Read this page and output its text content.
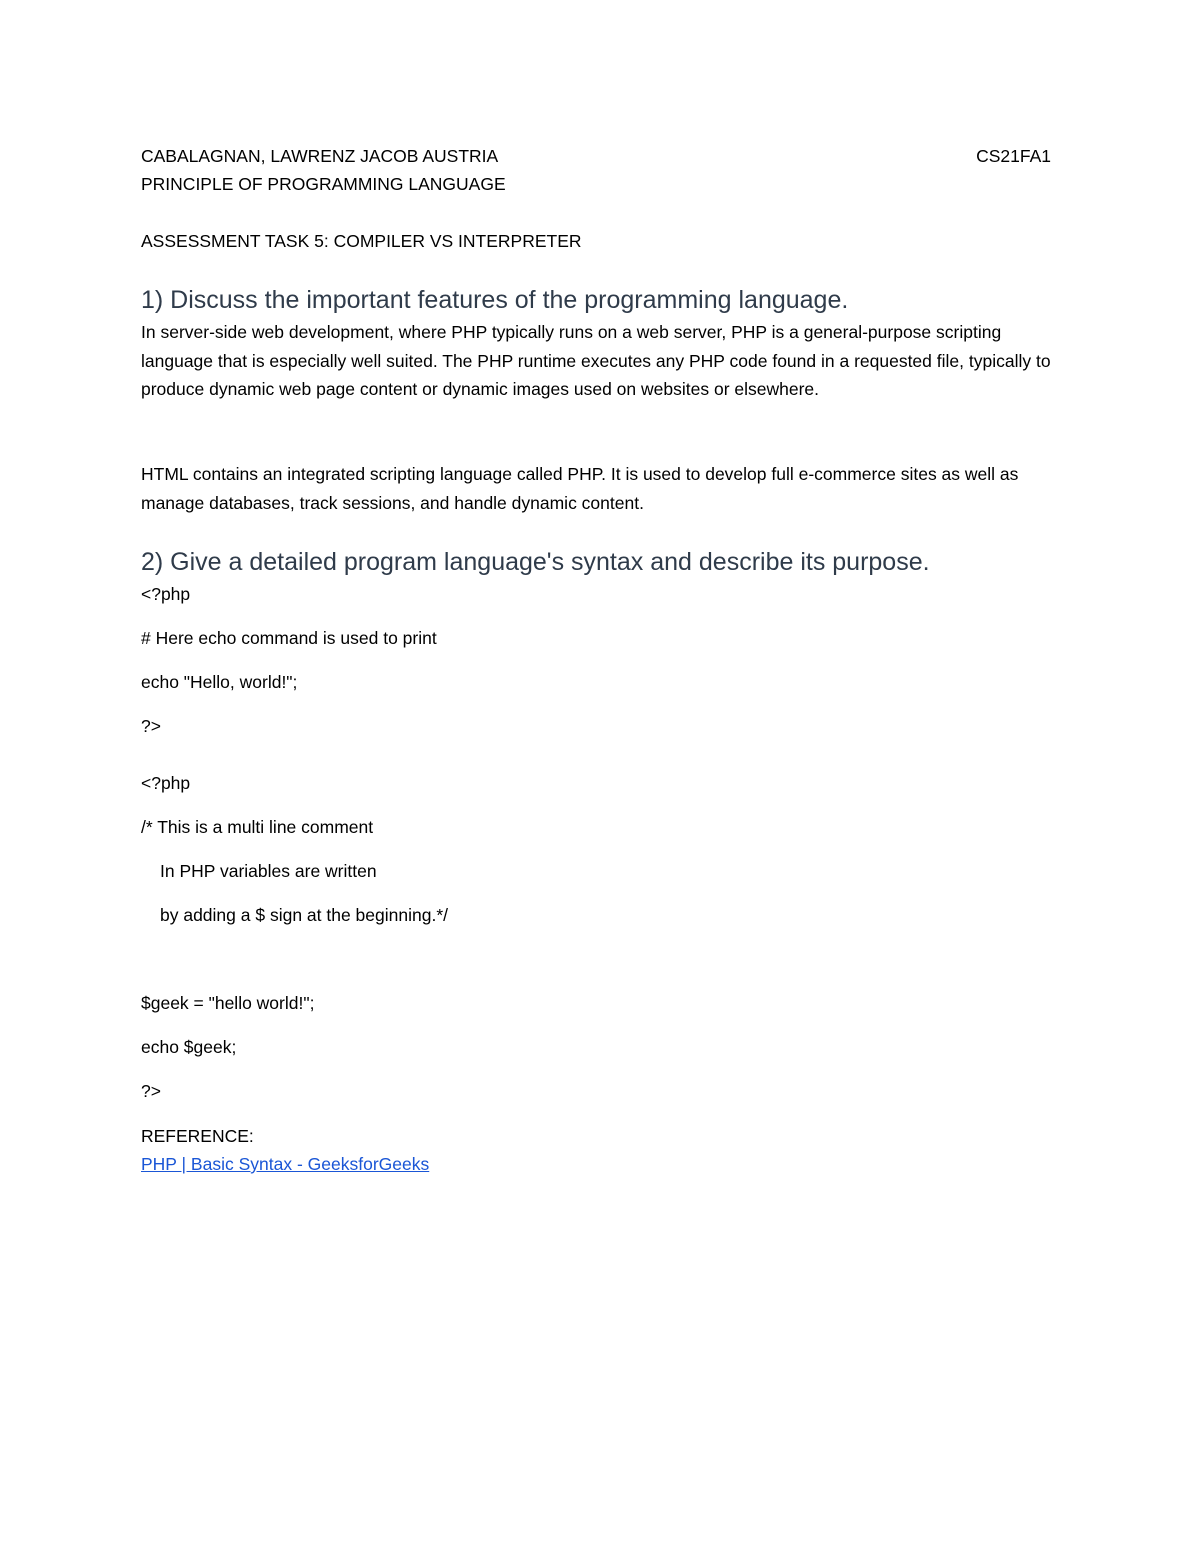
CABALAGNAN, LAWRENZ JACOB AUSTRIA	CS21FA1
PRINCIPLE OF PROGRAMMING LANGUAGE
ASSESSMENT TASK 5: COMPILER VS INTERPRETER
1) Discuss the important features of the programming language.
In server-side web development, where PHP typically runs on a web server, PHP is a general-purpose scripting language that is especially well suited. The PHP runtime executes any PHP code found in a requested file, typically to produce dynamic web page content or dynamic images used on websites or elsewhere.
HTML contains an integrated scripting language called PHP. It is used to develop full e-commerce sites as well as manage databases, track sessions, and handle dynamic content.
2) Give a detailed program language's syntax and describe its purpose.
<?php
# Here echo command is used to print
echo "Hello, world!";
?>
<?php
/* This is a multi line comment
In PHP variables are written
by adding a $ sign at the beginning.*/
$geek = "hello world!";
echo $geek;
?>
REFERENCE:
PHP | Basic Syntax - GeeksforGeeks
